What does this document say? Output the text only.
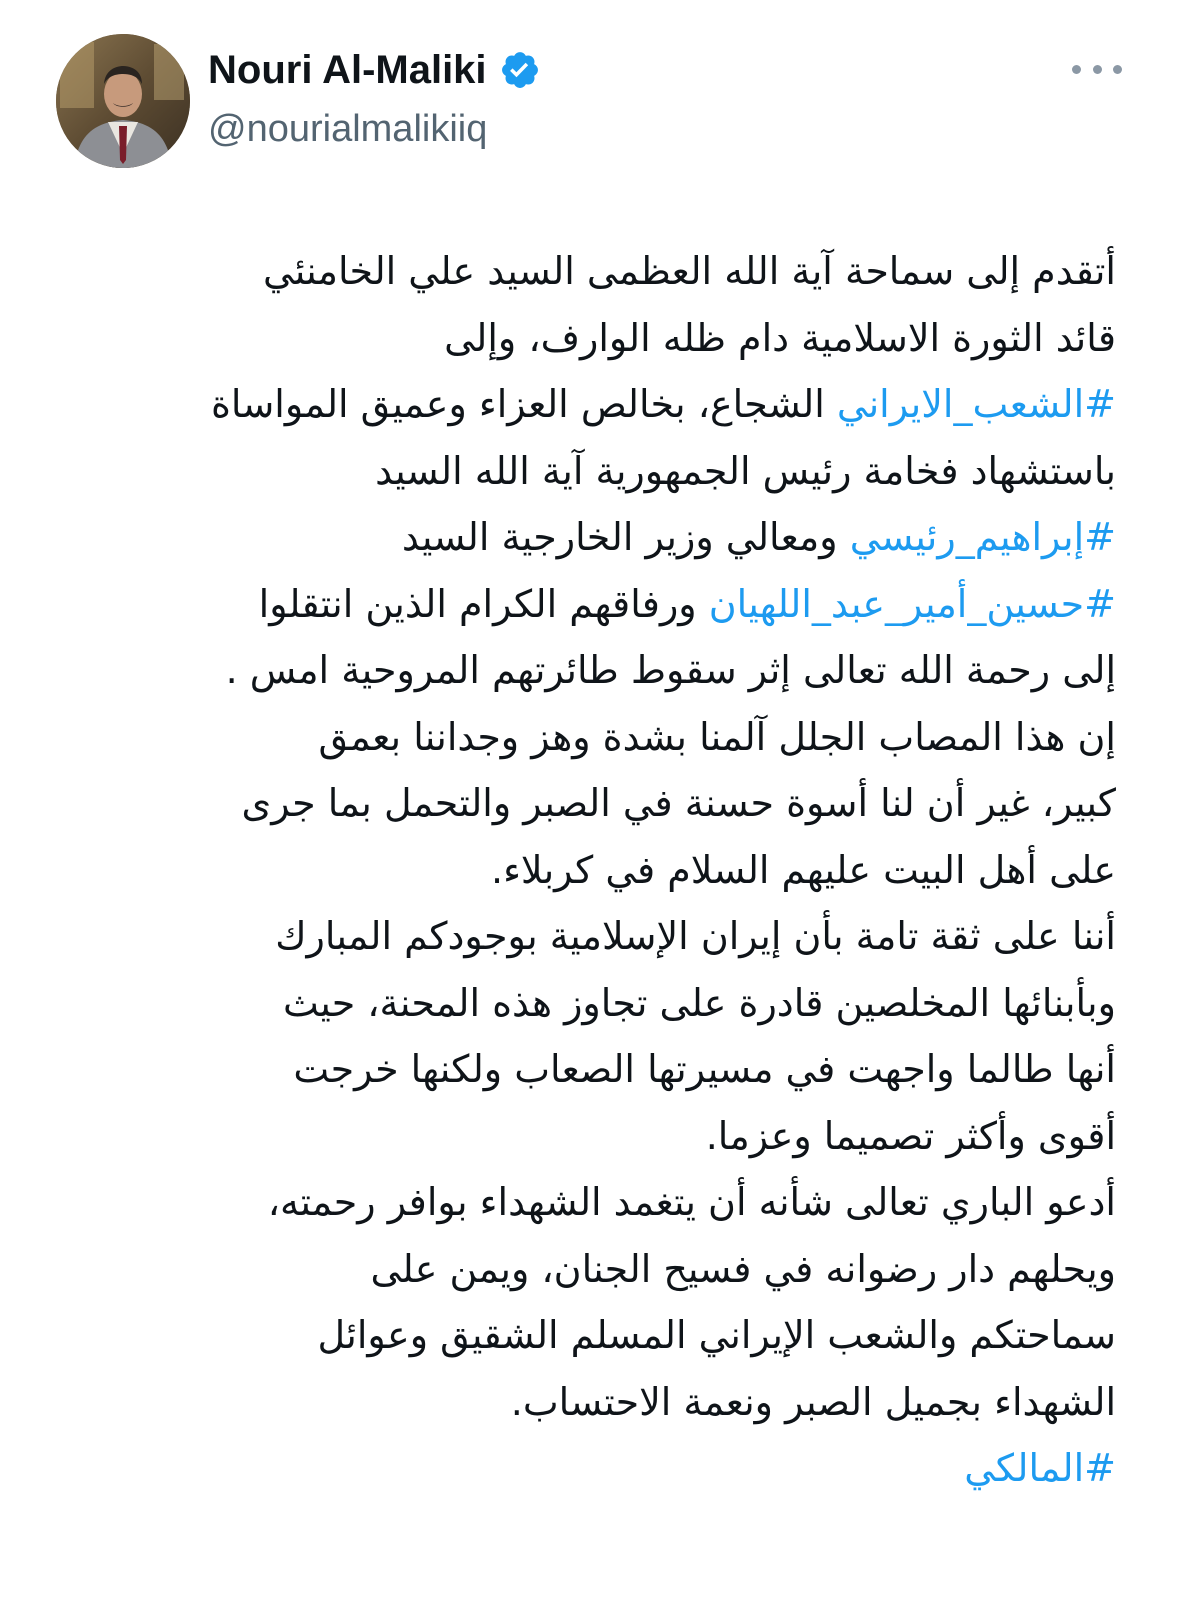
Nouri Al-Maliki
@nourialmalikiiq
أتقدم إلى سماحة آية الله العظمى السيد علي الخامنئي
قائد الثورة الاسلامية دام ظله الوارف، وإلى
#الشعب_الايراني الشجاع، بخالص العزاء وعميق المواساة
باستشهاد فخامة رئيس الجمهورية آية الله السيد
#إبراهيم_رئيسي ومعالي وزير الخارجية السيد
#حسين_أمير_عبد_اللهيان ورفاقهم الكرام الذين انتقلوا
إلى رحمة الله تعالى إثر سقوط طائرتهم المروحية امس .
إن هذا المصاب الجلل آلمنا بشدة وهز وجداننا بعمق
كبير، غير أن لنا أسوة حسنة في الصبر والتحمل بما جرى
على أهل البيت عليهم السلام في كربلاء.
أننا على ثقة تامة بأن إيران الإسلامية بوجودكم المبارك
وبأبنائها المخلصين قادرة على تجاوز هذه المحنة، حيث
أنها طالما واجهت في مسيرتها الصعاب ولكنها خرجت
أقوى وأكثر تصميما وعزما.
أدعو الباري تعالى شأنه أن يتغمد الشهداء بوافر رحمته،
ويحلهم دار رضوانه في فسيح الجنان، ويمن على
سماحتكم والشعب الإيراني المسلم الشقيق وعوائل
الشهداء بجميل الصبر ونعمة الاحتساب.
#المالكي
